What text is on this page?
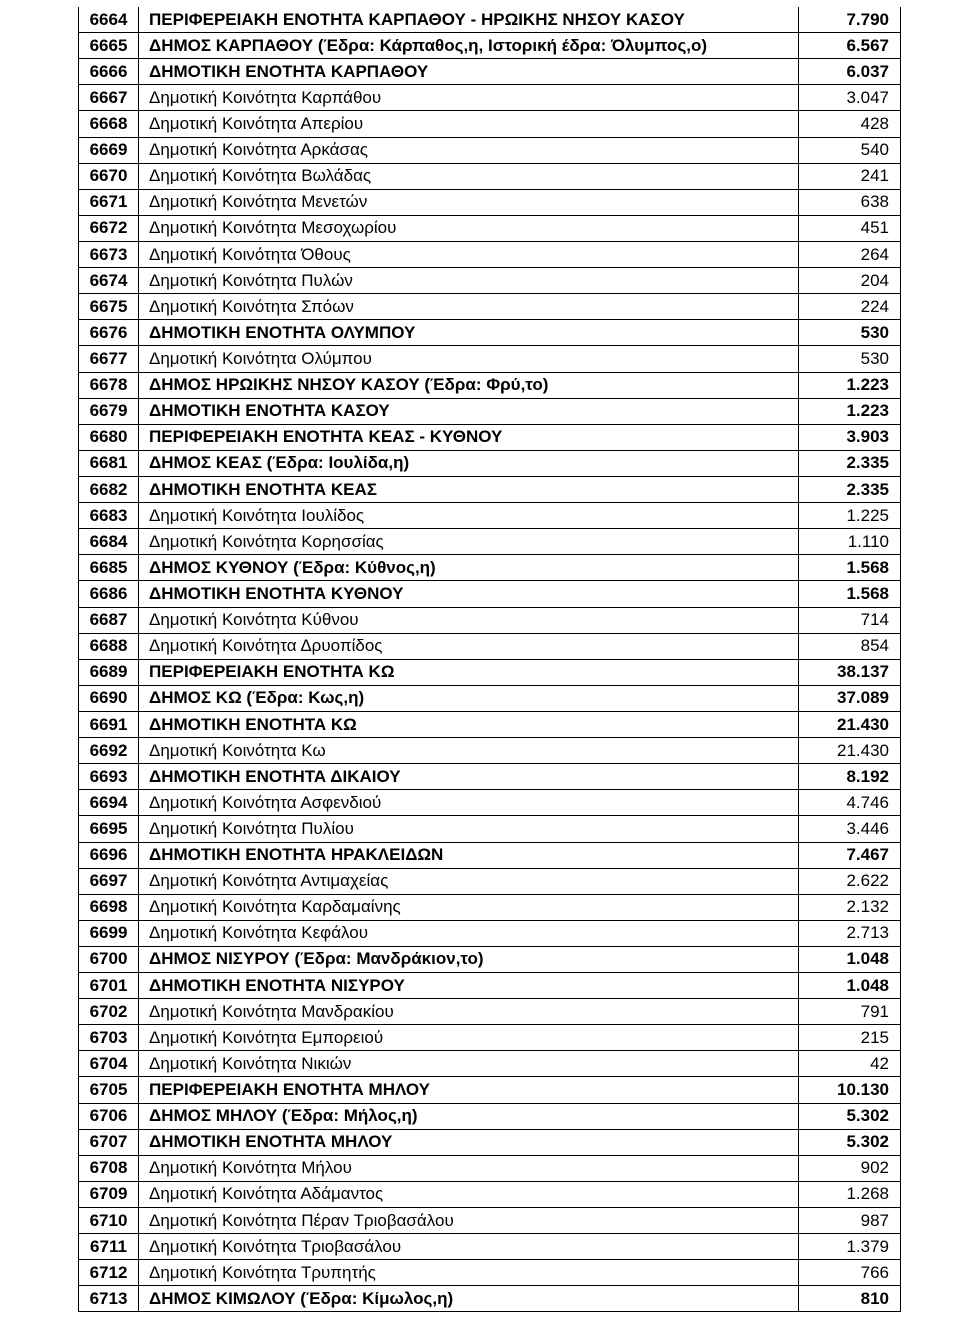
6664	ΠΕΡΙΦΕΡΕΙΑΚΗ ΕΝΟΤΗΤΑ ΚΑΡΠΑΘΟΥ - ΗΡΩΙΚΗΣ ΝΗΣΟΥ ΚΑΣΟΥ	7.790
6665	ΔΗΜΟΣ ΚΑΡΠΑΘΟΥ (Έδρα: Κάρπαθος,η, Ιστορική έδρα: Όλυμπος,ο)	6.567
6666	ΔΗΜΟΤΙΚΗ ΕΝΟΤΗΤΑ ΚΑΡΠΑΘΟΥ	6.037
6667	Δημοτική Κοινότητα Καρπάθου	3.047
6668	Δημοτική Κοινότητα Απερίου	428
6669	Δημοτική Κοινότητα Αρκάσας	540
6670	Δημοτική Κοινότητα Βωλάδας	241
6671	Δημοτική Κοινότητα Μενετών	638
6672	Δημοτική Κοινότητα Μεσοχωρίου	451
6673	Δημοτική Κοινότητα Όθους	264
6674	Δημοτική Κοινότητα Πυλών	204
6675	Δημοτική Κοινότητα Σπόων	224
6676	ΔΗΜΟΤΙΚΗ ΕΝΟΤΗΤΑ ΟΛΥΜΠΟΥ	530
6677	Δημοτική Κοινότητα Ολύμπου	530
6678	ΔΗΜΟΣ ΗΡΩΙΚΗΣ ΝΗΣΟΥ ΚΑΣΟΥ (Έδρα: Φρύ,το)	1.223
6679	ΔΗΜΟΤΙΚΗ ΕΝΟΤΗΤΑ ΚΑΣΟΥ	1.223
6680	ΠΕΡΙΦΕΡΕΙΑΚΗ ΕΝΟΤΗΤΑ ΚΕΑΣ - ΚΥΘΝΟΥ	3.903
6681	ΔΗΜΟΣ ΚΕΑΣ (Έδρα: Ιουλίδα,η)	2.335
6682	ΔΗΜΟΤΙΚΗ ΕΝΟΤΗΤΑ ΚΕΑΣ	2.335
6683	Δημοτική Κοινότητα Ιουλίδος	1.225
6684	Δημοτική Κοινότητα Κορησσίας	1.110
6685	ΔΗΜΟΣ ΚΥΘΝΟΥ (Έδρα: Κύθνος,η)	1.568
6686	ΔΗΜΟΤΙΚΗ ΕΝΟΤΗΤΑ ΚΥΘΝΟΥ	1.568
6687	Δημοτική Κοινότητα Κύθνου	714
6688	Δημοτική Κοινότητα Δρυοπίδος	854
6689	ΠΕΡΙΦΕΡΕΙΑΚΗ ΕΝΟΤΗΤΑ ΚΩ	38.137
6690	ΔΗΜΟΣ ΚΩ (Έδρα: Κως,η)	37.089
6691	ΔΗΜΟΤΙΚΗ ΕΝΟΤΗΤΑ ΚΩ	21.430
6692	Δημοτική Κοινότητα Κω	21.430
6693	ΔΗΜΟΤΙΚΗ ΕΝΟΤΗΤΑ ΔΙΚΑΙΟΥ	8.192
6694	Δημοτική Κοινότητα Ασφενδιού	4.746
6695	Δημοτική Κοινότητα Πυλίου	3.446
6696	ΔΗΜΟΤΙΚΗ ΕΝΟΤΗΤΑ ΗΡΑΚΛΕΙΔΩΝ	7.467
6697	Δημοτική Κοινότητα Αντιμαχείας	2.622
6698	Δημοτική Κοινότητα Καρδαμαίνης	2.132
6699	Δημοτική Κοινότητα Κεφάλου	2.713
6700	ΔΗΜΟΣ ΝΙΣΥΡΟΥ (Έδρα: Μανδράκιον,το)	1.048
6701	ΔΗΜΟΤΙΚΗ ΕΝΟΤΗΤΑ ΝΙΣΥΡΟΥ	1.048
6702	Δημοτική Κοινότητα Μανδρακίου	791
6703	Δημοτική Κοινότητα Εμπορειού	215
6704	Δημοτική Κοινότητα Νικιών	42
6705	ΠΕΡΙΦΕΡΕΙΑΚΗ ΕΝΟΤΗΤΑ ΜΗΛΟΥ	10.130
6706	ΔΗΜΟΣ ΜΗΛΟΥ (Έδρα: Μήλος,η)	5.302
6707	ΔΗΜΟΤΙΚΗ ΕΝΟΤΗΤΑ ΜΗΛΟΥ	5.302
6708	Δημοτική Κοινότητα Μήλου	902
6709	Δημοτική Κοινότητα Αδάμαντος	1.268
6710	Δημοτική Κοινότητα Πέραν Τριοβασάλου	987
6711	Δημοτική Κοινότητα Τριοβασάλου	1.379
6712	Δημοτική Κοινότητα Τρυπητής	766
6713	ΔΗΜΟΣ ΚΙΜΩΛΟΥ (Έδρα: Κίμωλος,η)	810
